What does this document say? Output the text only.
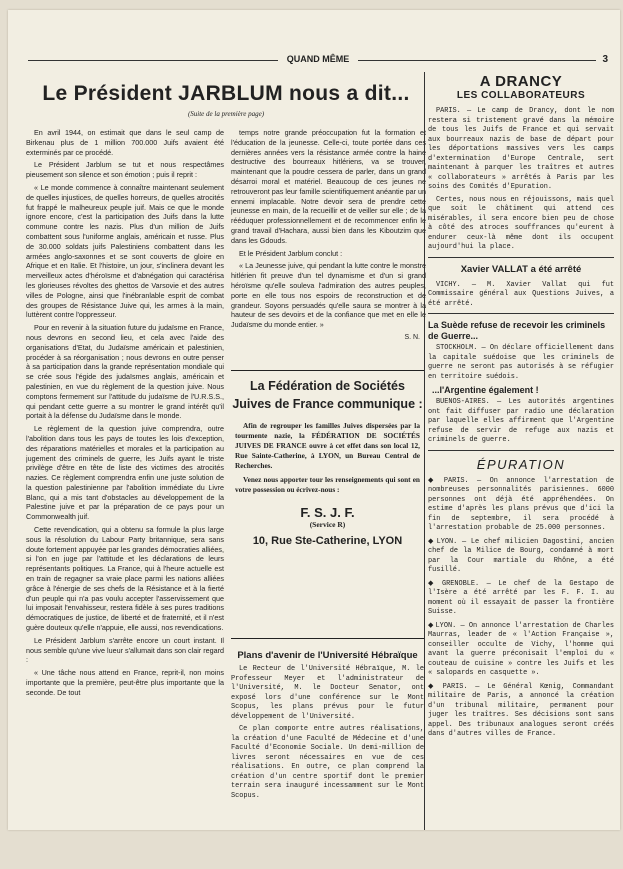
QUAND MÊME	3
Le Président JARBLUM nous a dit...
(Suite de la première page)

En avril 1944, on estimait que dans le seul camp de Birkenau plus de 1 million 700.000 Juifs avaient été exterminés par ce procédé.

Le Président Jarblum se tut et nous respectâmes pieusement son silence et son émotion ; puis il reprit :

« Le monde commence à connaître maintenant seulement de quelles injustices, de quelles horreurs, de quelles atrocités fut frappé le malheureux peuple juif. Mais ce que le monde ignore encore, c'est la participation des Juifs dans la lutte commune contre les nazis. Plus d'un million de Juifs combattent sous l'uniforme anglais, américain et russe. Plus de 30.000 soldats juifs Palestiniens combattent dans les armées anglo-saxonnes et se sont couverts de gloire en Afrique et en Italie. Et l'histoire, un jour, s'inclinera devant les merveilleux actes d'héroïsme et d'abnégation qui caractérisa les glorieuses révoltes des ghettos de Varsovie et des autres villes de Pologne, ainsi que l'inébranlable esprit de combat des groupes de Résistance Juive qui, les armes à la main, luttèrent contre l'oppresseur.

Pour en revenir à la situation future du judaïsme en France, nous devrons en second lieu, et cela avec l'aide des organisations d'Etat, du Judaïsme américain et palestinien, procéder à sa réorganisation ; nous devrons en outre penser à sa participation dans la grande représentation mondiale qui se crée sous l'égide des judaïsmes anglais, américain et palestinien, en vue du règlement de la question juive. Nous comptons fermement sur l'attitude du judaïsme de l'U.R.S.S., qui pendant cette guerre a su montrer le grand intérêt qu'il portait à la défense du Judaïsme dans le monde.

Le règlement de la question juive comprendra, outre l'abolition dans tous les pays de toutes les lois d'exception, des réparations matérielles et morales et la participation au jugement des criminels de guerre, les Juifs ayant le triste privilège d'être en tête de liste des victimes des atrocités nazies. Ce règlement comprendra enfin une juste solution de la question palestinienne par l'abolition immédiate du Livre Blanc, qui a mis tant d'obstacles au développement de la Palestine juive et par la préparation de ce pays pour un Commonwealth juif.

Cette revendication, qui a obtenu sa formule la plus large sous la résolution du Labour Party britannique, sera sans doute fortement appuyée par les grandes démocraties alliées, si l'on en juge par l'attitude et les déclarations de leurs représentants politiques. La France, qui à l'heure actuelle est en train de regagner sa vraie place parmi les nations alliées grâce à l'énergie de ses chefs de la Résistance et à la fierté d'un peuple qui n'a pas voulu accepter l'asservissement que lui imposait l'envahisseur, restera fidèle à ses pures traditions démocratiques de justice, de liberté et de fraternité, et il n'est guère douteux qu'elle n'appuie, elle aussi, nos revendications.

Le Président Jarblum s'arrête encore un court instant. Il nous semble qu'une vive lueur s'allumait dans son clair regard :

« Une tâche nous attend en France, reprit-il, non moins importante que la première, peut-être plus importante que la seconde. De tout

temps notre grande préoccupation fut la formation et l'éducation de la jeunesse. Celle-ci, toute portée dans ces dernières années vers la résistance armée contre la haine destructive des bourreaux hitlériens, va se trouver, maintenant que la poudre cessera de parler, dans un grand désarroi moral et matériel. Beaucoup de ces jeunes ne retrouveront pas leur famille scientifiquement anéantie par un ennemi implacable. Notre devoir sera de prendre cette jeunesse en main, de la recueillir et de veiller sur elle ; de la rééduquer professionnellement et de recommencer enfin le grand travail d'Hachara, aussi bien dans les Kiboutzim que dans les Gdouds.

Et le Président Jarblum conclut :

« La Jeunesse juive, qui pendant la lutte contre le monstre hitlérien fit preuve d'un tel dynamisme et d'un si grand héroïsme qu'elle souleva l'admiration des autres peuples, porte en elle tous nos espoirs de reconstruction et de grandeur. Soyons persuadés qu'elle saura se montrer à la hauteur de ses devoirs et de la confiance que met en elle le Judaïsme du monde entier. »

S. N.
La Fédération de Sociétés Juives de France communique :

Afin de regrouper les familles Juives dispersées par la tourmente nazie, la FÉDÉRATION DE SOCIÉTÉS JUIVES DE FRANCE ouvre à cet effet dans son local 12, Rue Sainte-Catherine, à LYON, un Bureau Central de Recherches.

Venez nous apporter tour les renseignements qui sont en votre possession ou écrivez-nous :

F. S. J. F.
(Service R)
10, Rue Ste-Catherine, LYON
Plans d'avenir de l'Université Hébraïque

Le Recteur de l'Université Hébraïque, M. le Professeur Meyer et l'administrateur de l'Université, M. le Docteur Senator, ont exposé lors d'une conférence sur le Mont Scopus, les plans prévus pour le futur développement de l'Université.

Ce plan comporte entre autres réalisations, la création d'une Faculté de Médecine et d'une Faculté d'Economie Sociale. Un demi-million de livres seront nécessaires en vue de ces réalisations. En outre, ce plan comprend la création d'un centre sportif dont le premier terrain sera inauguré incessamment sur le Mont Scopus.

A DRANCY
LES COLLABORATEURS

PARIS. — Le camp de Drancy, dont le nom restera si tristement gravé dans la mémoire de tous les Juifs de France et qui servait aux bourreaux nazis de base de départ pour les déportations massives vers les camps d'extermination d'Europe Centrale, sert maintenant à parquer les traîtres et autres « collaborateurs » arrêtés à Paris par les soins des Comités d'Epuration.

Certes, nous nous en réjouissons, mais quel que soit le châtiment qui attend ces misérables, il sera encore bien peu de chose à côté des atroces souffrances qu'eurent à endurer ceux-là même dont ils occupent aujourd'hui la place.

Xavier VALLAT a été arrêté

VICHY. — M. Xavier Vallat qui fut Commissaire général aux Questions Juives, a été arrêté.

La Suède refuse de recevoir les criminels de Guerre...

STOCKHOLM. — On déclare officiellement dans la capitale suédoise que les criminels de guerre ne seront pas autorisés à se réfugier en territoire suédois.

...l'Argentine également !

BUENOS-AIRES. — Les autorités argentines ont fait diffuser par radio une déclaration par laquelle elles affirment que l'Argentine refuse de servir de refuge aux nazis et criminels de guerre.

ÉPURATION

◆ PARIS. — On annonce l'arrestation de nombreuses personnalités parisiennes. 6000 personnes ont déjà été appréhendées. On estime d'après les plans prévus que d'ici la fin de septembre, il sera procédé à l'arrestation probable de 25.000 personnes.

◆ LYON. — Le chef milicien Dagostini, ancien chef de la Milice de Bourg, condamné à mort par la Cour martiale du Rhône, a été fusillé.

◆ GRENOBLE. — Le chef de la Gestapo de l'Isère a été arrêté par les F. F. I. au moment où il essayait de passer la frontière Suisse.

◆ LYON. — On annonce l'arrestation de Charles Maurras, leader de « l'Action Française », conseiller occulte de Vichy, l'homme qui avant la guerre préconisait l'emploi du « couteau de cuisine » contre les Juifs et les « salopards en casquette ».

◆ PARIS. — Le Général Kœnig, Commandant militaire de Paris, a annoncé la création d'un tribunal militaire, permanent pour juger les traîtres. Ses décisions sont sans appel. Des tribunaux analogues seront créés dans d'autres villes de France.
